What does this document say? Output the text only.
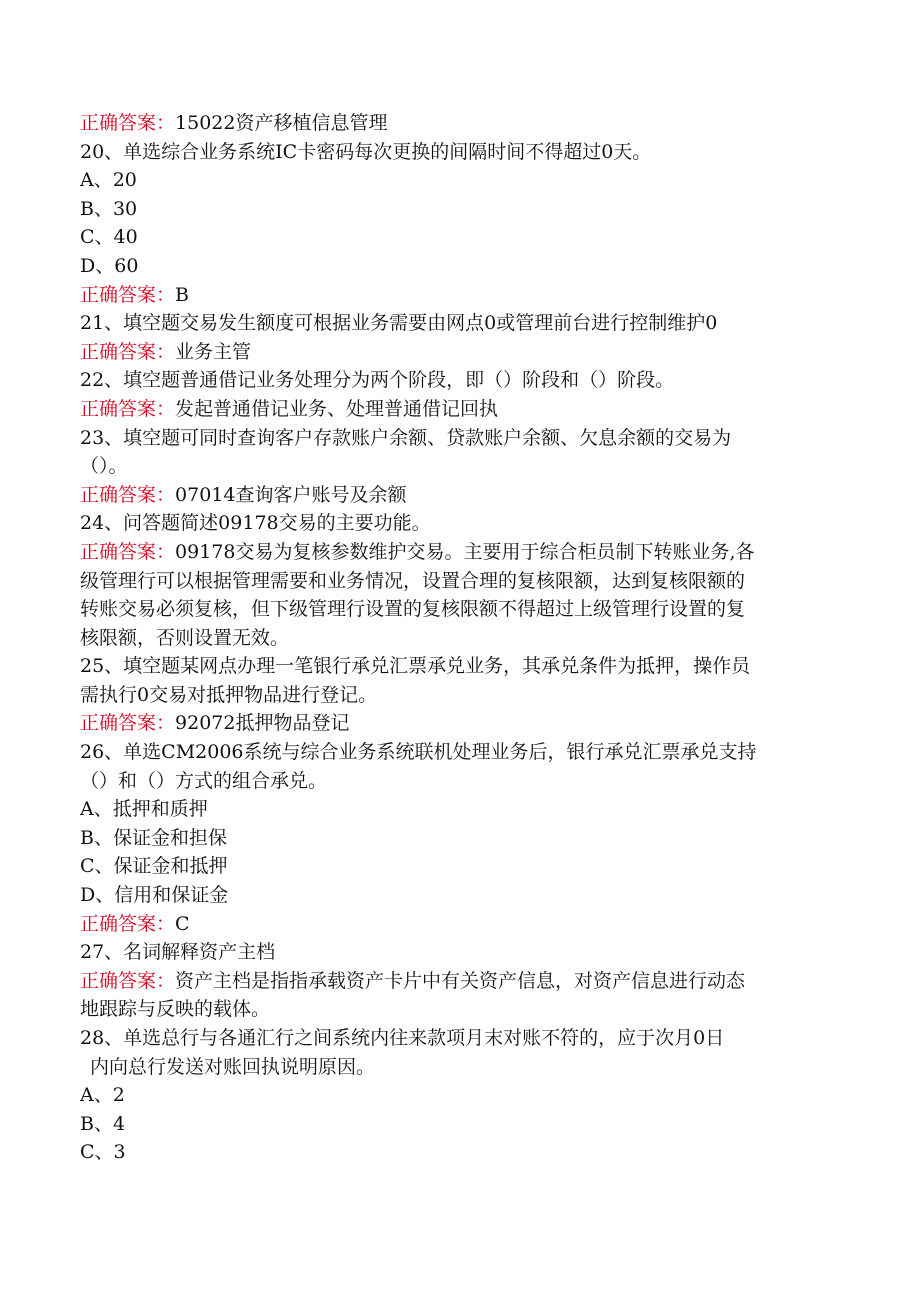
正确答案：15022资产移植信息管理
20、单选综合业务系统IC卡密码每次更换的间隔时间不得超过0天。
A、20
B、30
C、40
D、60
正确答案：B
21、填空题交易发生额度可根据业务需要由网点0或管理前台进行控制维护0
正确答案：业务主管
22、填空题普通借记业务处理分为两个阶段，即（）阶段和（）阶段。
正确答案：发起普通借记业务、处理普通借记回执
23、填空题可同时查询客户存款账户余额、贷款账户余额、欠息余额的交易为
（）。
正确答案：07014查询客户账号及余额
24、问答题简述09178交易的主要功能。
正确答案：09178交易为复核参数维护交易。主要用于综合柜员制下转账业务,各
级管理行可以根据管理需要和业务情况，设置合理的复核限额，达到复核限额的
转账交易必须复核，但下级管理行设置的复核限额不得超过上级管理行设置的复
核限额，否则设置无效。
25、填空题某网点办理一笔银行承兑汇票承兑业务，其承兑条件为抵押，操作员
需执行0交易对抵押物品进行登记。
正确答案：92072抵押物品登记
26、单选CM2006系统与综合业务系统联机处理业务后，银行承兑汇票承兑支持
（）和（）方式的组合承兑。
A、抵押和质押
B、保证金和担保
C、保证金和抵押
D、信用和保证金
正确答案：C
27、名词解释资产主档
正确答案：资产主档是指指承载资产卡片中有关资产信息，对资产信息进行动态
地跟踪与反映的载体。
28、单选总行与各通汇行之间系统内往来款项月末对账不符的，应于次月0日
内向总行发送对账回执说明原因。
A、2
B、4
C、3
